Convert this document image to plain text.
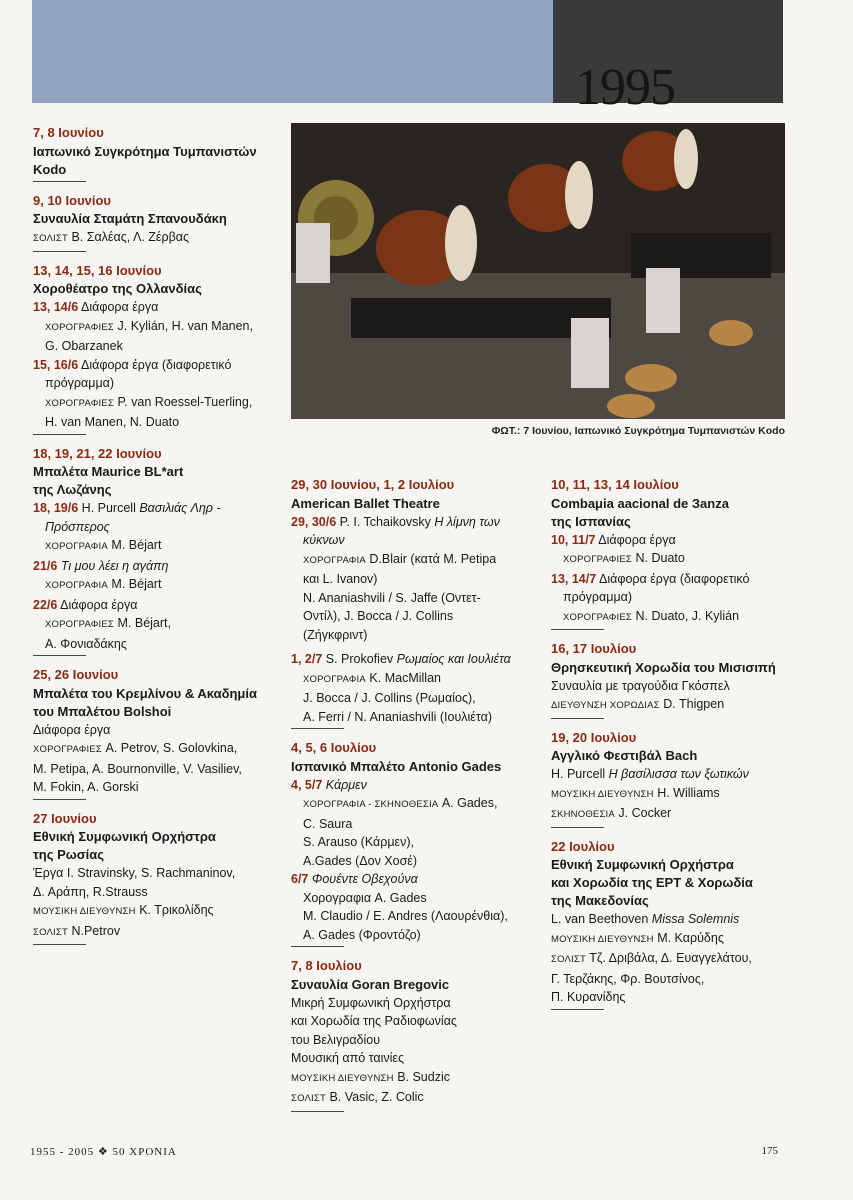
1995
ΦΩΤ.: 7 Ιουνίου, Ιαπωνικό Συγκρότημα Τυμπανιστών Kodo
7, 8 Ιουνίου
Ιαπωνικό Συγκρότημα Τυμπανιστών Kodo
9, 10 Ιουνίου
Συναυλία Σταμάτη Σπανουδάκη
ΣΟΛΙΣΤ Β. Σαλέας, Λ. Ζέρβας
13, 14, 15, 16 Ιουνίου
Χοροθέατρο της Ολλανδίας
13, 14/6 Διάφορα έργα
ΧΟΡΟΓΡΑΦΙΕΣ J. Kylián, H. van Manen,
G. Obarzanek
15, 16/6 Διάφορα έργα (διαφορετικό
πρόγραμμα)
ΧΟΡΟΓΡΑΦΙΕΣ P. van Roessel-Tuerling,
H. van Manen, N. Duato
18, 19, 21, 22 Ιουνίου
Μπαλέτα Maurice BL*art
της Λωζάνης
18, 19/6 H. Purcell Βασιλιάς Ληρ -
Πρόσπερος
ΧΟΡΟΓΡΑΦΙΑ M. Béjart
21/6 Τι μου λέει η αγάπη
ΧΟΡΟΓΡΑΦΙΑ M. Béjart
22/6 Διάφορα έργα
ΧΟΡΟΓΡΑΦΙΕΣ M. Béjart,
Α. Φονιαδάκης
25, 26 Ιουνίου
Μπαλέτα του Κρεμλίνου & Ακαδημία
του Μπαλέτου Bolshoi
Διάφορα έργα
ΧΟΡΟΓΡΑΦΙΕΣ A. Petrov, S. Golovkina,
M. Petipa, A. Bournonville, V. Vasiliev,
M. Fokin, A. Gorski
27 Ιουνίου
Εθνική Συμφωνική Ορχήστρα
της Ρωσίας
Έργα I. Stravinsky, S. Rachmaninov,
Δ. Αράπη, R.Strauss
ΜΟΥΣΙΚΗ ΔΙΕΥΘΥΝΣΗ Κ. Τρικολίδης
ΣΟΛΙΣΤ N.Petrov
29, 30 Ιουνίου, 1, 2 Ιουλίου
American Ballet Theatre
29, 30/6 P. I. Tchaikovsky Η λίμνη των
κύκνων
ΧΟΡΟΓΡΑΦΙΑ D.Blair (κατά M. Petipa
και L. Ivanov)
N. Ananiashvili / S. Jaffe (Οντετ-
Οντίλ), J. Bocca / J. Collins
(Ζήγκφριντ)
1, 2/7 S. Prokofiev Ρωμαίος και Ιουλιέτα
ΧΟΡΟΓΡΑΦΙΑ K. MacMillan
J. Bocca / J. Collins (Ρωμαίος),
A. Ferri / N. Ananiashvili (Ιουλιέτα)
4, 5, 6 Ιουλίου
Ισπανικό Μπαλέτο Antonio Gades
4, 5/7 Κάρμεν
ΧΟΡΟΓΡΑΦΙΑ - ΣΚΗΝΟΘΕΣΙΑ A. Gades,
C. Saura
S. Arauso (Κάρμεν),
A.Gades (Δον Χοσέ)
6/7 Φουέντε Οβεχούνα
Χορογραφια A. Gades
M. Claudio / E. Andres (Λαουρένθια),
A. Gades (Φροντόζο)
7, 8 Ιουλίου
Συναυλία Goran Bregovic
Μικρή Συμφωνική Ορχήστρα
και Χορωδία της Ραδιοφωνίας
του Βελιγραδίου
Μουσική από ταινίες
ΜΟΥΣΙΚΗ ΔΙΕΥΘΥΝΣΗ B. Sudzic
ΣΟΛΙΣΤ B. Vasic, Z. Colic
10, 11, 13, 14 Ιουλίου
Combaμia aacional de Зanza
της Ισπανίας
10, 11/7 Διάφορα έργα
ΧΟΡΟΓΡΑΦΙΕΣ N. Duato
13, 14/7 Διάφορα έργα (διαφορετικό
πρόγραμμα)
ΧΟΡΟΓΡΑΦΙΕΣ N. Duato, J. Kylián
16, 17 Ιουλίου
Θρησκευτική Χορωδία του Μισισιπή
Συναυλία με τραγούδια Γκόσπελ
ΔΙΕΥΘΥΝΣΗ ΧΟΡΩΔΙΑΣ D. Thigpen
19, 20 Ιουλίου
Αγγλικό Φεστιβάλ Bach
H. Purcell Η βασίλισσα των ξωτικών
ΜΟΥΣΙΚΗ ΔΙΕΥΘΥΝΣΗ H. Williams
ΣΚΗΝΟΘΕΣΙΑ J. Cocker
22 Ιουλίου
Εθνική Συμφωνική Ορχήστρα
και Χορωδία της ΕΡΤ & Χορωδία
της Μακεδονίας
L. van Beethoven Missa Solemnis
ΜΟΥΣΙΚΗ ΔΙΕΥΘΥΝΣΗ Μ. Καρύδης
ΣΟΛΙΣΤ Τζ. Δριβάλα, Δ. Ευαγγελάτου,
Γ. Τερζάκης, Φρ. Βουτσίνος,
Π. Κυρανίδης
1955 - 2005 ❖ 50 ΧΡΟΝΙΑ	175
